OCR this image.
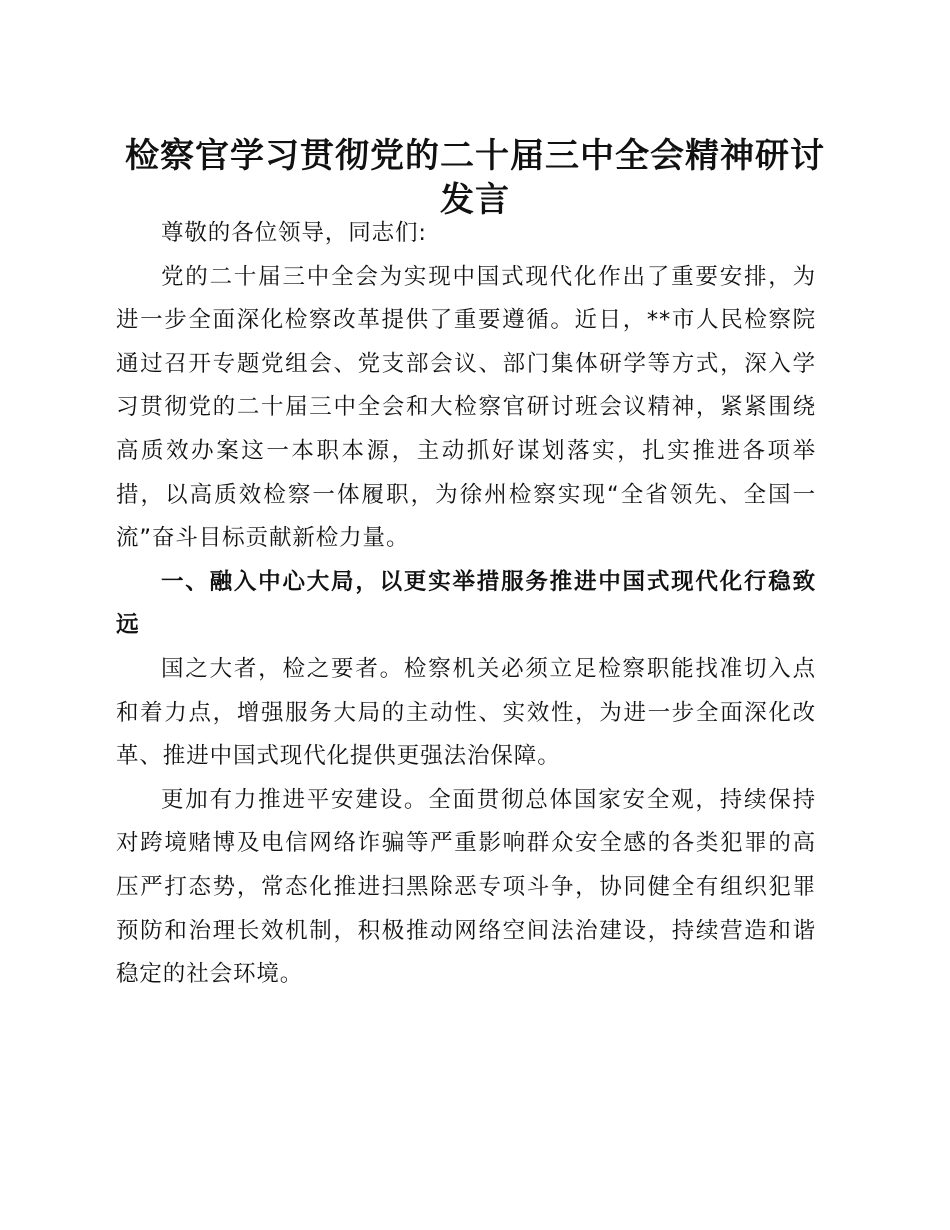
检察官学习贯彻党的二十届三中全会精神研讨
发言

尊敬的各位领导，同志们:

党的二十届三中全会为实现中国式现代化作出了重要安排，为进一步全面深化检察改革提供了重要遵循。近日，**市人民检察院通过召开专题党组会、党支部会议、部门集体研学等方式，深入学习贯彻党的二十届三中全会和大检察官研讨班会议精神，紧紧围绕高质效办案这一本职本源，主动抓好谋划落实，扎实推进各项举措，以高质效检察一体履职，为徐州检察实现“全省领先、全国一流”奋斗目标贡献新检力量。

一、融入中心大局，以更实举措服务推进中国式现代化行稳致远

国之大者，检之要者。检察机关必须立足检察职能找准切入点和着力点，增强服务大局的主动性、实效性，为进一步全面深化改革、推进中国式现代化提供更强法治保障。

更加有力推进平安建设。全面贯彻总体国家安全观，持续保持对跨境赌博及电信网络诈骗等严重影响群众安全感的各类犯罪的高压严打态势，常态化推进扫黑除恶专项斗争，协同健全有组织犯罪预防和治理长效机制，积极推动网络空间法治建设，持续营造和谐稳定的社会环境。
